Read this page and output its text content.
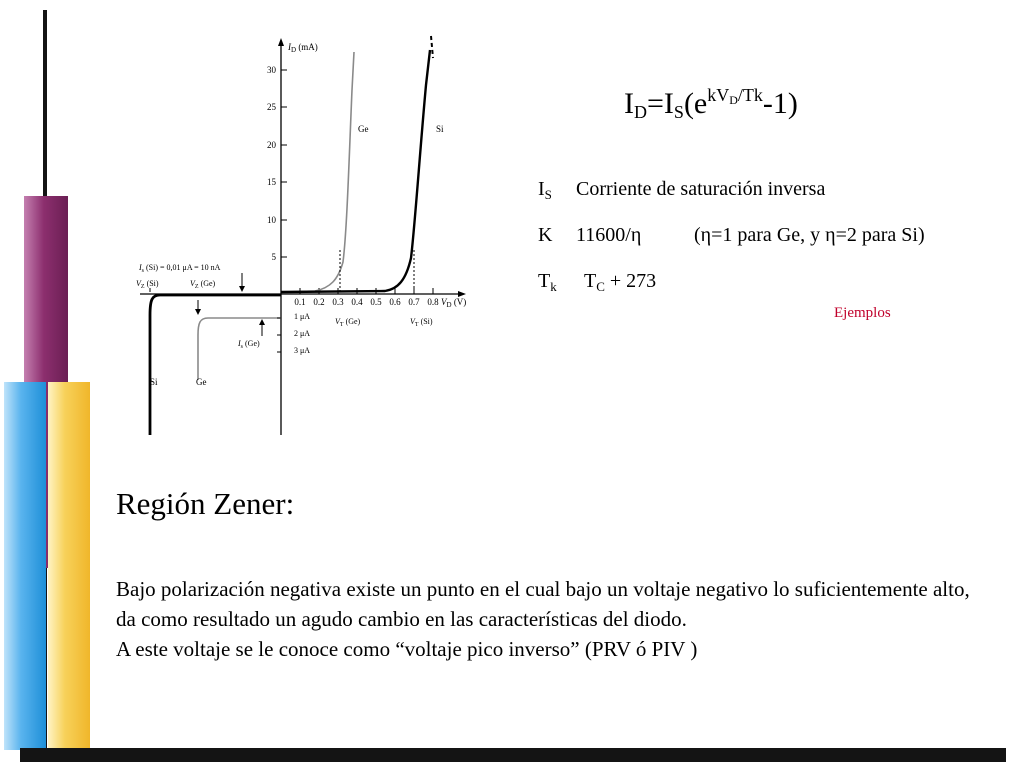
30
25
20
15
10
5
0.1 0.2 0.3 0.4 0.5 0.6 0.7 0.8
$I_D$ (mA)
$V_D$ (V)
1 μA
2 μA
3 μA
Ge	Si
$I_s$ (Si) = 0,01 μA = 10 nA
$V_Z$ (Si)	$V_Z$ (Ge)
$V_T$ (Ge)	$V_T$ (Si)
$I_s$ (Ge)
Si	Ge
$I_D=I_S(e^{kV_D/Tk}-1)$
$I_S$ Corriente de saturación inversa
K 11600/η	(η=1 para Ge, y η=2 para Si)
$T_k$ $T_C + 273$
Ejemplos
Región Zener:

Bajo polarización negativa existe un punto en el cual bajo un voltaje negativo lo suficientemente alto, da como resultado un agudo cambio en las características del diodo.

A este voltaje se le conoce como “voltaje pico inverso” (PRV ó PIV )
